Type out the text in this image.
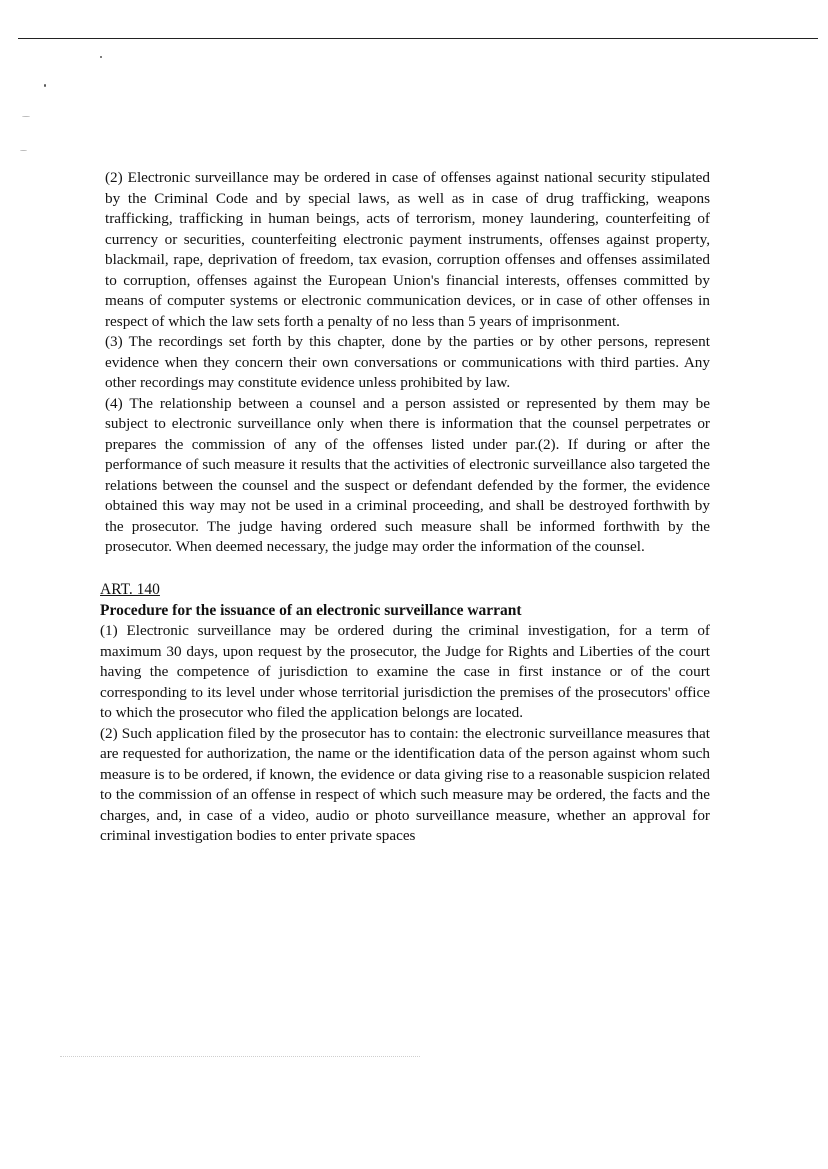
(2) Electronic surveillance may be ordered in case of offenses against national security stipulated by the Criminal Code and by special laws, as well as in case of drug trafficking, weapons trafficking, trafficking in human beings, acts of terrorism, money laundering, counterfeiting of currency or securities, counterfeiting electronic payment instruments, offenses against property, blackmail, rape, deprivation of freedom, tax evasion, corruption offenses and offenses assimilated to corruption, offenses against the European Union's financial interests, offenses committed by means of computer systems or electronic communication devices, or in case of other offenses in respect of which the law sets forth a penalty of no less than 5 years of imprisonment.

(3) The recordings set forth by this chapter, done by the parties or by other persons, represent evidence when they concern their own conversations or communications with third parties. Any other recordings may constitute evidence unless prohibited by law.

(4) The relationship between a counsel and a person assisted or represented by them may be subject to electronic surveillance only when there is information that the counsel perpetrates or prepares the commission of any of the offenses listed under par.(2). If during or after the performance of such measure it results that the activities of electronic surveillance also targeted the relations between the counsel and the suspect or defendant defended by the former, the evidence obtained this way may not be used in a criminal proceeding, and shall be destroyed forthwith by the prosecutor. The judge having ordered such measure shall be informed forthwith by the prosecutor. When deemed necessary, the judge may order the information of the counsel.

ART. 140

Procedure for the issuance of an electronic surveillance warrant

(1) Electronic surveillance may be ordered during the criminal investigation, for a term of maximum 30 days, upon request by the prosecutor, the Judge for Rights and Liberties of the court having the competence of jurisdiction to examine the case in first instance or of the court corresponding to its level under whose territorial jurisdiction the premises of the prosecutors' office to which the prosecutor who filed the application belongs are located.

(2) Such application filed by the prosecutor has to contain: the electronic surveillance measures that are requested for authorization, the name or the identification data of the person against whom such measure is to be ordered, if known, the evidence or data giving rise to a reasonable suspicion related to the commission of an offense in respect of which such measure may be ordered, the facts and the charges, and, in case of a video, audio or photo surveillance measure, whether an approval for criminal investigation bodies to enter private spaces
